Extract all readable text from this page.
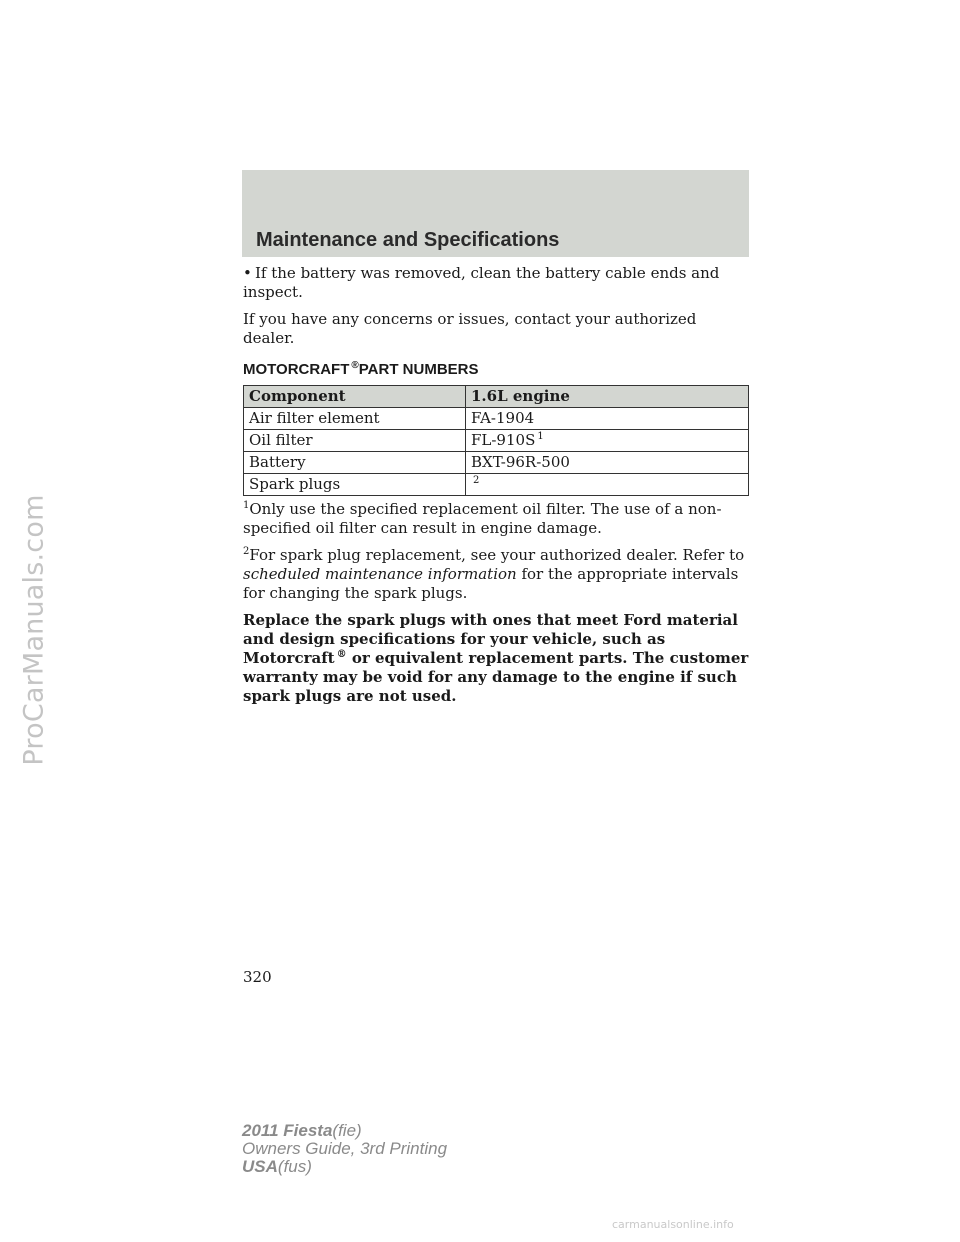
ProCarManuals.com
Maintenance and Specifications

• If the battery was removed, clean the battery cable ends and inspect.

If you have any concerns or issues, contact your authorized dealer.

MOTORCRAFT ®PART NUMBERS
Component	1.6L engine
Air filter element	FA-1904
Oil filter	FL-910S $^1$
Battery	BXT-96R-500
Spark plugs	$^2$

$^1$Only use the specified replacement oil filter. The use of a non-specified oil filter can result in engine damage.

$^2$For spark plug replacement, see your authorized dealer. Refer to scheduled maintenance information for the appropriate intervals for changing the spark plugs.

Replace the spark plugs with ones that meet Ford material and design specifications for your vehicle, such as Motorcraft ® or equivalent replacement parts. The customer warranty may be void for any damage to the engine if such spark plugs are not used.

320
2011 Fiesta(fie)
Owners Guide, 3rd Printing
USA(fus)
carmanualsonline.info
